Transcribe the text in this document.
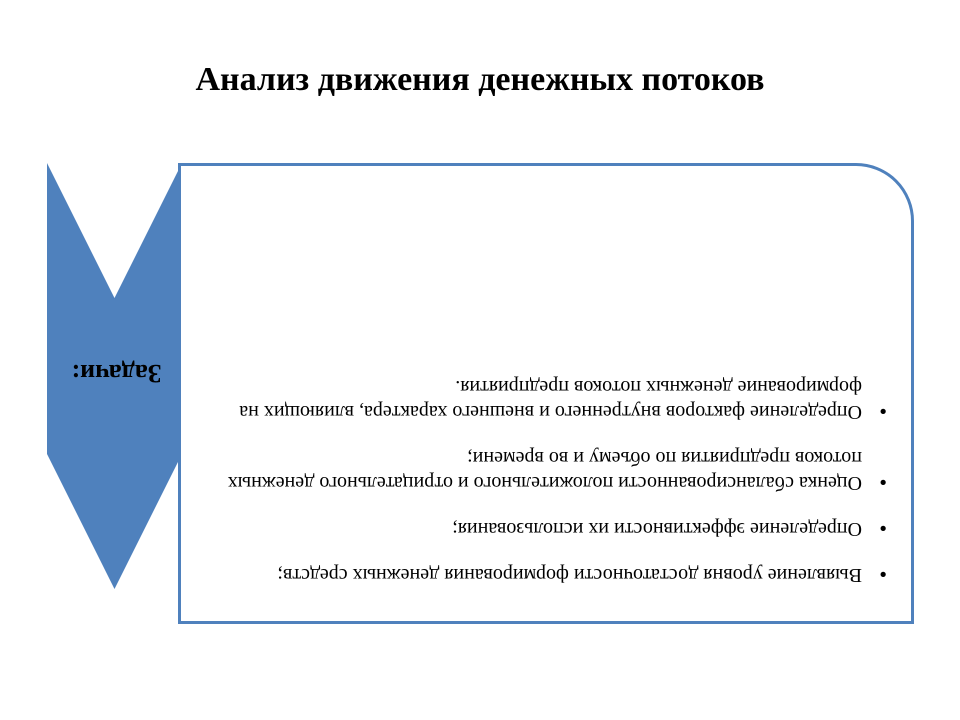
Анализ движения денежных потоков
Задачи:
•
Выявление уровня достаточности формирования денежных средств;
•
Определение эффективности их использования;
•
Оценка сбалансированности положительного и отрицательного денежных потоков предприятия по объему и во времени;
•
Определение факторов внутреннего и внешнего характера, влияющих на формирование денежных потоков предприятия.
